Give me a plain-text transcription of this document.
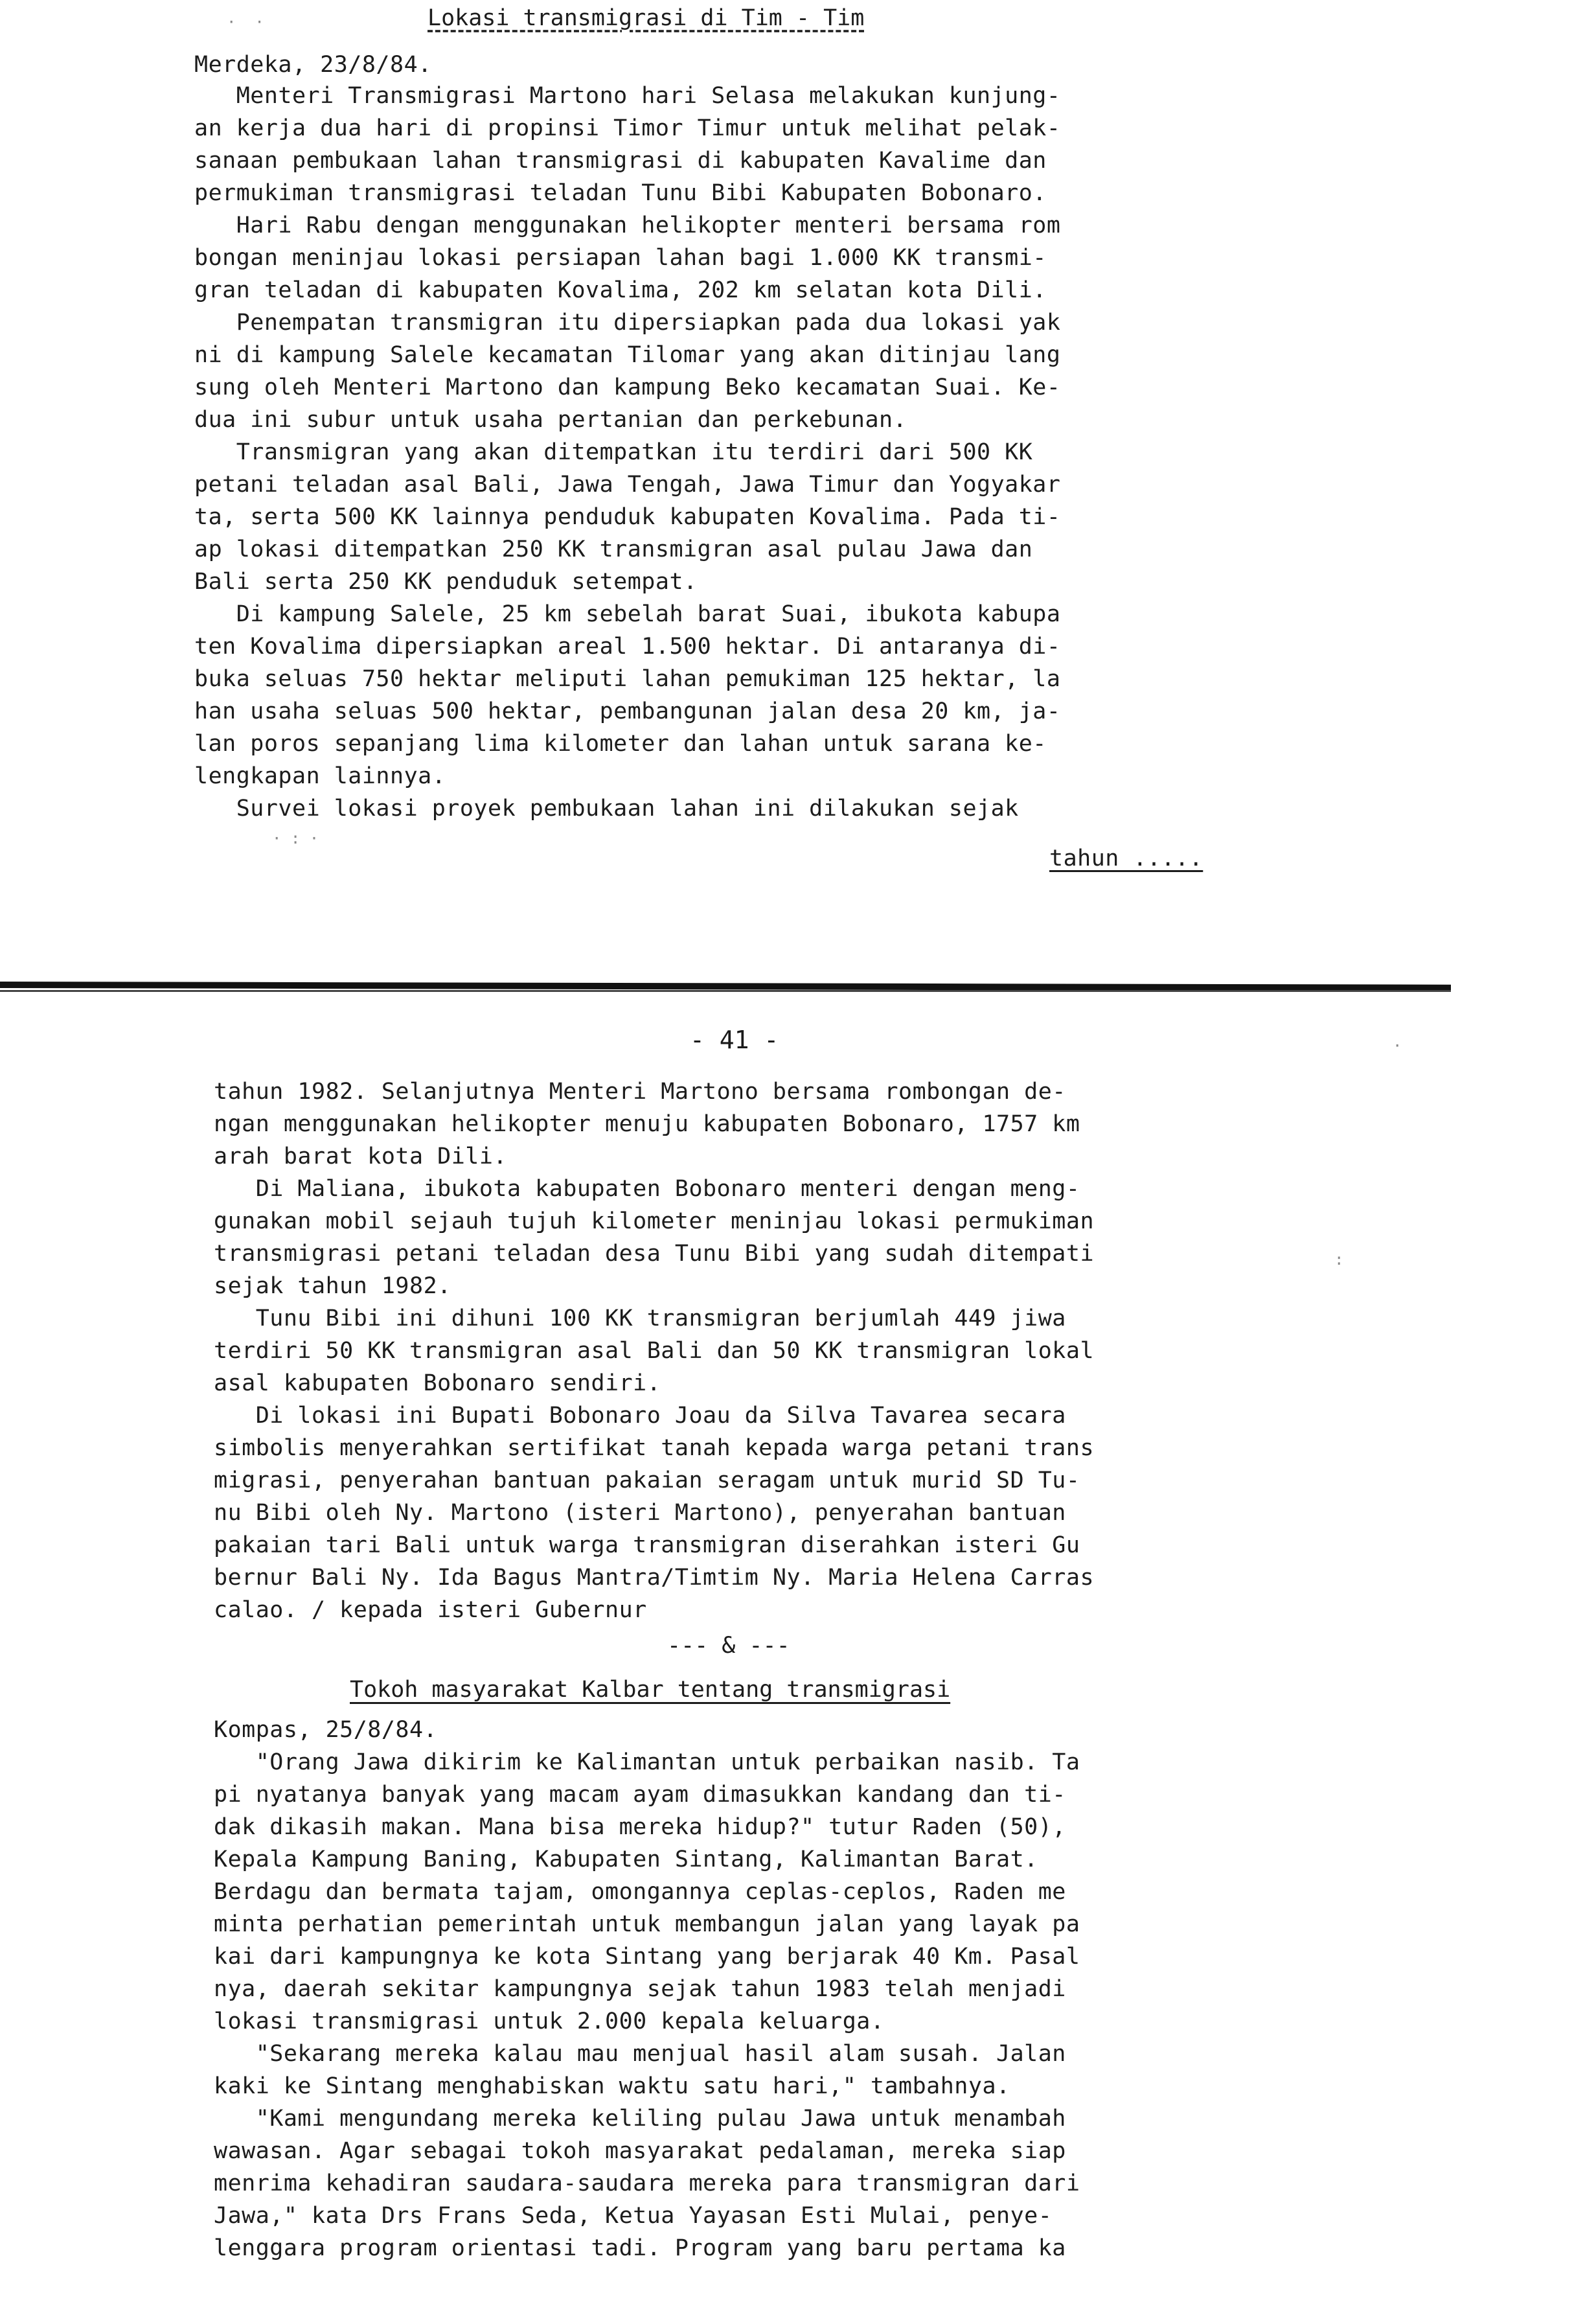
Lokasi transmigrasi di Tim - Tim
Merdeka, 23/8/84.
Menteri Transmigrasi Martono hari Selasa melakukan kunjung-
an kerja dua hari di propinsi Timor Timur untuk melihat pelak-
sanaan pembukaan lahan transmigrasi di kabupaten Kavalime dan
permukiman transmigrasi teladan Tunu Bibi Kabupaten Bobonaro.
Hari Rabu dengan menggunakan helikopter menteri bersama rom
bongan meninjau lokasi persiapan lahan bagi 1.000 KK transmi-
gran teladan di kabupaten Kovalima, 202 km selatan kota Dili.
Penempatan transmigran itu dipersiapkan pada dua lokasi yak
ni di kampung Salele kecamatan Tilomar yang akan ditinjau lang
sung oleh Menteri Martono dan kampung Beko kecamatan Suai. Ke-
dua ini subur untuk usaha pertanian dan perkebunan.
Transmigran yang akan ditempatkan itu terdiri dari 500 KK
petani teladan asal Bali, Jawa Tengah, Jawa Timur dan Yogyakar
ta, serta 500 KK lainnya penduduk kabupaten Kovalima. Pada ti-
ap lokasi ditempatkan 250 KK transmigran asal pulau Jawa dan
Bali serta 250 KK penduduk setempat.
Di kampung Salele, 25 km sebelah barat Suai, ibukota kabupa
ten Kovalima dipersiapkan areal 1.500 hektar. Di antaranya di-
buka seluas 750 hektar meliputi lahan pemukiman 125 hektar, la
han usaha seluas 500 hektar, pembangunan jalan desa 20 km, ja-
lan poros sepanjang lima kilometer dan lahan untuk sarana ke-
lengkapan lainnya.
Survei lokasi proyek pembukaan lahan ini dilakukan sejak
tahun .....
- 41 -
tahun 1982. Selanjutnya Menteri Martono bersama rombongan de-
ngan menggunakan helikopter menuju kabupaten Bobonaro, 1757 km
arah barat kota Dili.
Di Maliana, ibukota kabupaten Bobonaro menteri dengan meng-
gunakan mobil sejauh tujuh kilometer meninjau lokasi permukiman
transmigrasi petani teladan desa Tunu Bibi yang sudah ditempati
sejak tahun 1982.
Tunu Bibi ini dihuni 100 KK transmigran berjumlah 449 jiwa
terdiri 50 KK transmigran asal Bali dan 50 KK transmigran lokal
asal kabupaten Bobonaro sendiri.
Di lokasi ini Bupati Bobonaro Joau da Silva Tavarea secara
simbolis menyerahkan sertifikat tanah kepada warga petani trans
migrasi, penyerahan bantuan pakaian seragam untuk murid SD Tu-
nu Bibi oleh Ny. Martono (isteri Martono), penyerahan bantuan
pakaian tari Bali untuk warga transmigran diserahkan isteri Gu
bernur Bali Ny. Ida Bagus Mantra/Timtim Ny. Maria Helena Carras
calao. / kepada isteri Gubernur
--- & ---
Tokoh masyarakat Kalbar tentang transmigrasi
Kompas, 25/8/84.
"Orang Jawa dikirim ke Kalimantan untuk perbaikan nasib. Ta
pi nyatanya banyak yang macam ayam dimasukkan kandang dan ti-
dak dikasih makan. Mana bisa mereka hidup?" tutur Raden (50),
Kepala Kampung Baning, Kabupaten Sintang, Kalimantan Barat.
Berdagu dan bermata tajam, omongannya ceplas-ceplos, Raden me
minta perhatian pemerintah untuk membangun jalan yang layak pa
kai dari kampungnya ke kota Sintang yang berjarak 40 Km. Pasal
nya, daerah sekitar kampungnya sejak tahun 1983 telah menjadi
lokasi transmigrasi untuk 2.000 kepala keluarga.
"Sekarang mereka kalau mau menjual hasil alam susah. Jalan
kaki ke Sintang menghabiskan waktu satu hari," tambahnya.
"Kami mengundang mereka keliling pulau Jawa untuk menambah
wawasan. Agar sebagai tokoh masyarakat pedalaman, mereka siap
menrima kehadiran saudara-saudara mereka para transmigran dari
Jawa," kata Drs Frans Seda, Ketua Yayasan Esti Mulai, penye-
lenggara program orientasi tadi. Program yang baru pertama ka
·  ·
· : ·
·
:
